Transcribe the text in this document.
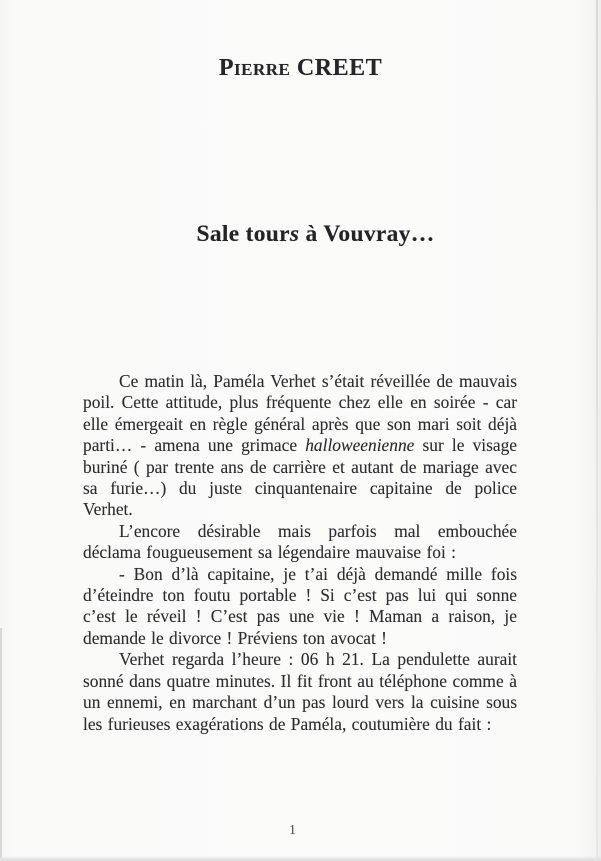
Pierre CREET
Sale tours à Vouvray…

Ce matin là, Paméla Verhet s’était réveillée de mauvais poil. Cette attitude, plus fréquente chez elle en soirée - car elle émergeait en règle général après que son mari soit déjà parti… - amena une grimace halloweenienne sur le visage buriné ( par trente ans de carrière et autant de mariage avec sa furie…) du juste cinquantenaire capitaine de police Verhet.

L’encore désirable mais parfois mal embouchée déclama fougueusement sa légendaire mauvaise foi :

- Bon d’là capitaine, je t’ai déjà demandé mille fois d’éteindre ton foutu portable ! Si c’est pas lui qui sonne c’est le réveil ! C’est pas une vie ! Maman a raison, je demande le divorce ! Préviens ton avocat !

Verhet regarda l’heure : 06 h 21. La pendulette aurait sonné dans quatre minutes. Il fit front au téléphone comme à un ennemi, en marchant d’un pas lourd vers la cuisine sous les furieuses exagérations de Paméla, coutumière du fait :

1
